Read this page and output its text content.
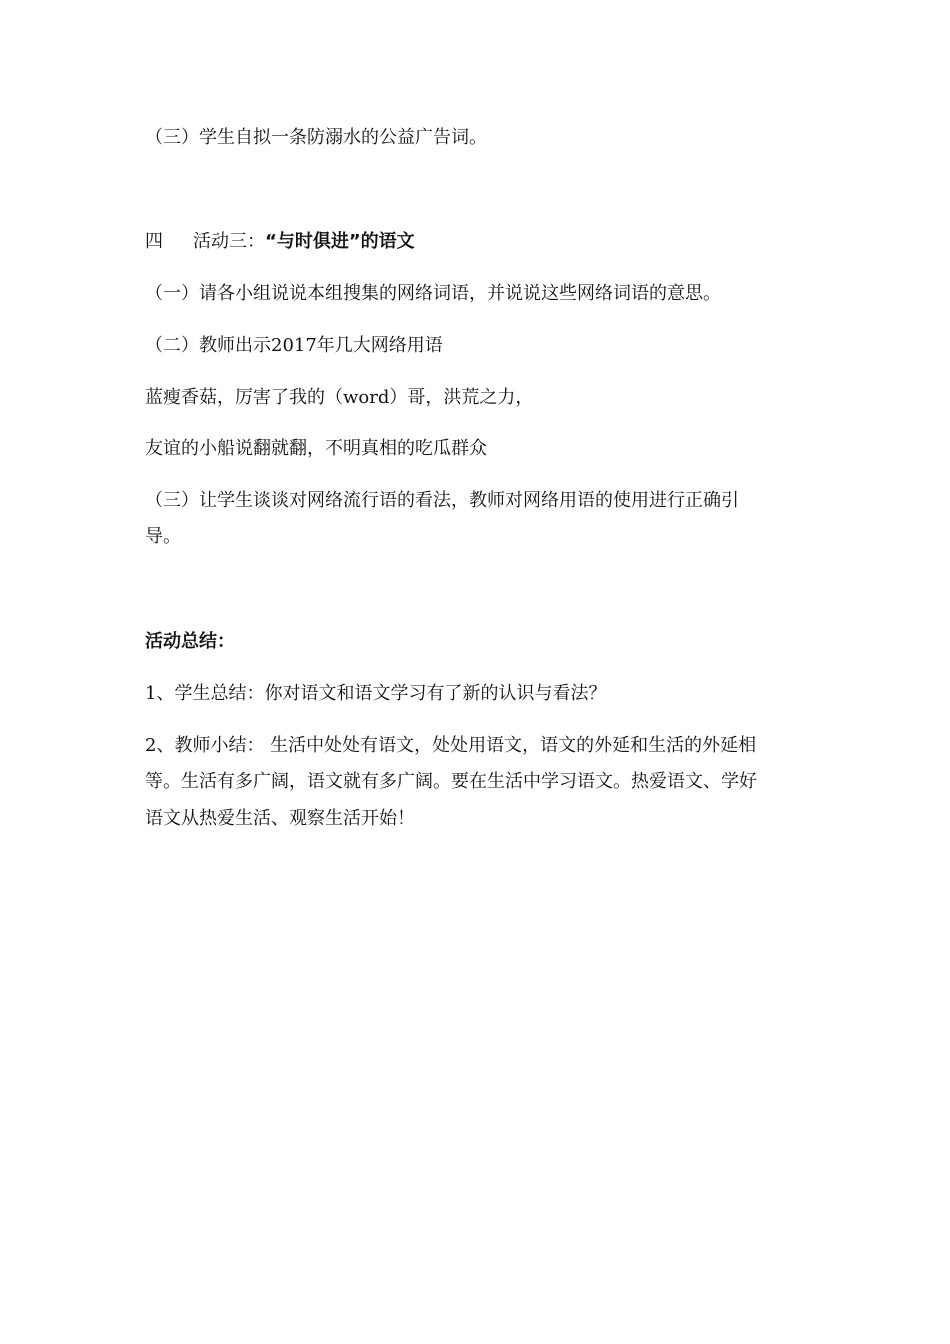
（三）学生自拟一条防溺水的公益广告词。
四 活动三：“与时俱进”的语文
（一）请各小组说说本组搜集的网络词语，并说说这些网络词语的意思。
（二）教师出示2017年几大网络用语
蓝瘦香菇，厉害了我的（word）哥，洪荒之力，
友谊的小船说翻就翻，不明真相的吃瓜群众
（三）让学生谈谈对网络流行语的看法，教师对网络用语的使用进行正确引
导。
活动总结：
1、学生总结：你对语文和语文学习有了新的认识与看法？
2、教师小结： 生活中处处有语文，处处用语文，语文的外延和生活的外延相
等。生活有多广阔，语文就有多广阔。要在生活中学习语文。热爱语文、学好
语文从热爱生活、观察生活开始！
